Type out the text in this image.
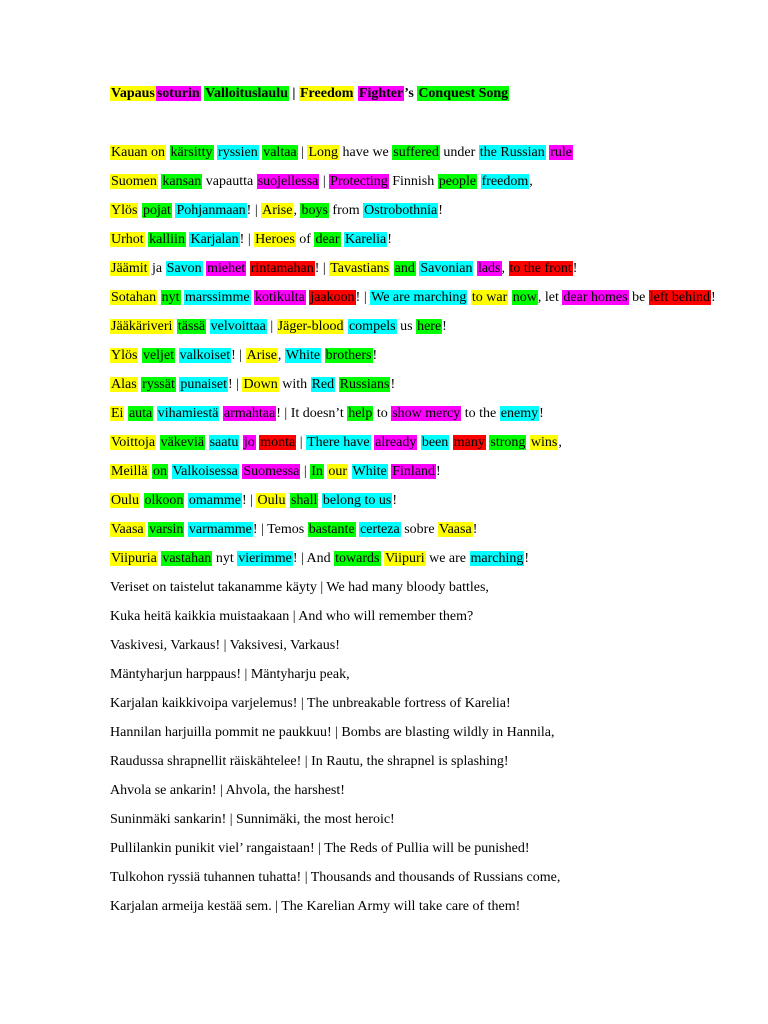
Vapaus soturin Valloituslaulu | Freedom Fighter’s Conquest Song
Kauan on kärsitty ryssien valtaa | Long have we suffered under the Russian rule
Suomen kansan vapautta suojellessa | Protecting Finnish people freedom,
Ylös pojat Pohjanmaan! | Arise, boys from Ostrobothnia!
Urhot kalliin Karjalan! | Heroes of dear Karelia!
Jäämit ja Savon miehet rintamahan! | Tavastians and Savonian lads, to the front!
Sotahan nyt marssimme kotikulta jaakoon! | We are marching to war now, let dear homes be left behind!
Jääkäriveri tässä velvoittaa | Jäger-blood compels us here!
Ylös veljet valkoiset! | Arise, White brothers!
Alas ryssät punaiset! | Down with Red Russians!
Ei auta vihamiestä armahtaa! | It doesn’t help to show mercy to the enemy!
Voittoja väkeviä saatu jo monta | There have already been many strong wins,
Meillä on Valkoisessa Suomessa | In our White Finland!
Oulu olkoon omamme! | Oulu shall belong to us!
Vaasa varsin varmamme! | Temos bastante certeza sobre Vaasa!
Viipuria vastahan nyt vierimme! | And towards Viipuri we are marching!
Veriset on taistelut takanamme käyty | We had many bloody battles,
Kuka heitä kaikkia muistaakaan | And who will remember them?
Vaskivesi, Varkaus! | Vaksivesi, Varkaus!
Mäntyharjun harppaus! | Mäntyharju peak,
Karjalan kaikkivoipa varjelemus! | The unbreakable fortress of Karelia!
Hannilan harjuilla pommit ne paukkuu! | Bombs are blasting wildly in Hannila,
Raudussa shrapnellit räiskähtelee! | In Rautu, the shrapnel is splashing!
Ahvola se ankarin! | Ahvola, the harshest!
Suninmäki sankarin! | Sunnimäki, the most heroic!
Pullilankin punikit viel’ rangaistaan! | The Reds of Pullia will be punished!
Tulkohon ryssiä tuhannen tuhatta! | Thousands and thousands of Russians come,
Karjalan armeija kestää sem. | The Karelian Army will take care of them!
